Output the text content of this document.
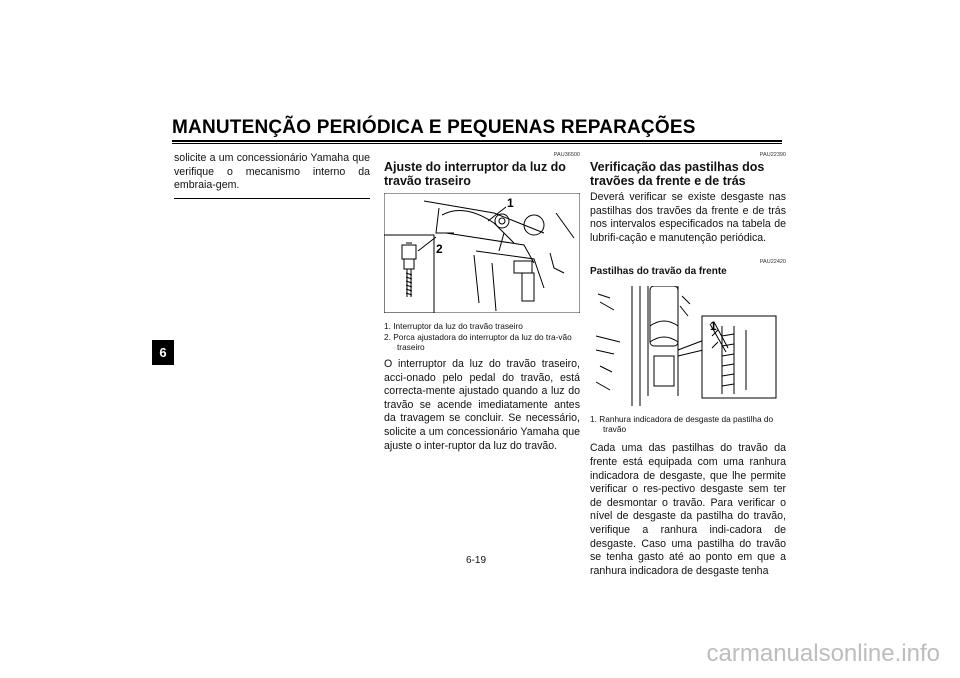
MANUTENÇÃO PERIÓDICA E PEQUENAS REPARAÇÕES
6

solicite a um concessionário Yamaha que verifique o mecanismo interno da embraia-gem.

PAU36500

Ajuste do interruptor da luz do travão traseiro
1
2
1. Interruptor da luz do travão traseiro
2. Porca ajustadora do interruptor da luz do tra-vão traseiro

O interruptor da luz do travão traseiro, acci-onado pelo pedal do travão, está correcta-mente ajustado quando a luz do travão se acende imediatamente antes da travagem se concluir. Se necessário, solicite a um concessionário Yamaha que ajuste o inter-ruptor da luz do travão.

PAU22390

Verificação das pastilhas dos travões da frente e de trás

Deverá verificar se existe desgaste nas pastilhas dos travões da frente e de trás nos intervalos especificados na tabela de lubrifi-cação e manutenção periódica.

PAU22420

Pastilhas do travão da frente
1
1. Ranhura indicadora de desgaste da pastilha do travão

Cada uma das pastilhas do travão da frente está equipada com uma ranhura indicadora de desgaste, que lhe permite verificar o res-pectivo desgaste sem ter de desmontar o travão. Para verificar o nível de desgaste da pastilha do travão, verifique a ranhura indi-cadora de desgaste. Caso uma pastilha do travão se tenha gasto até ao ponto em que a ranhura indicadora de desgaste tenha

6-19
carmanualsonline.info
